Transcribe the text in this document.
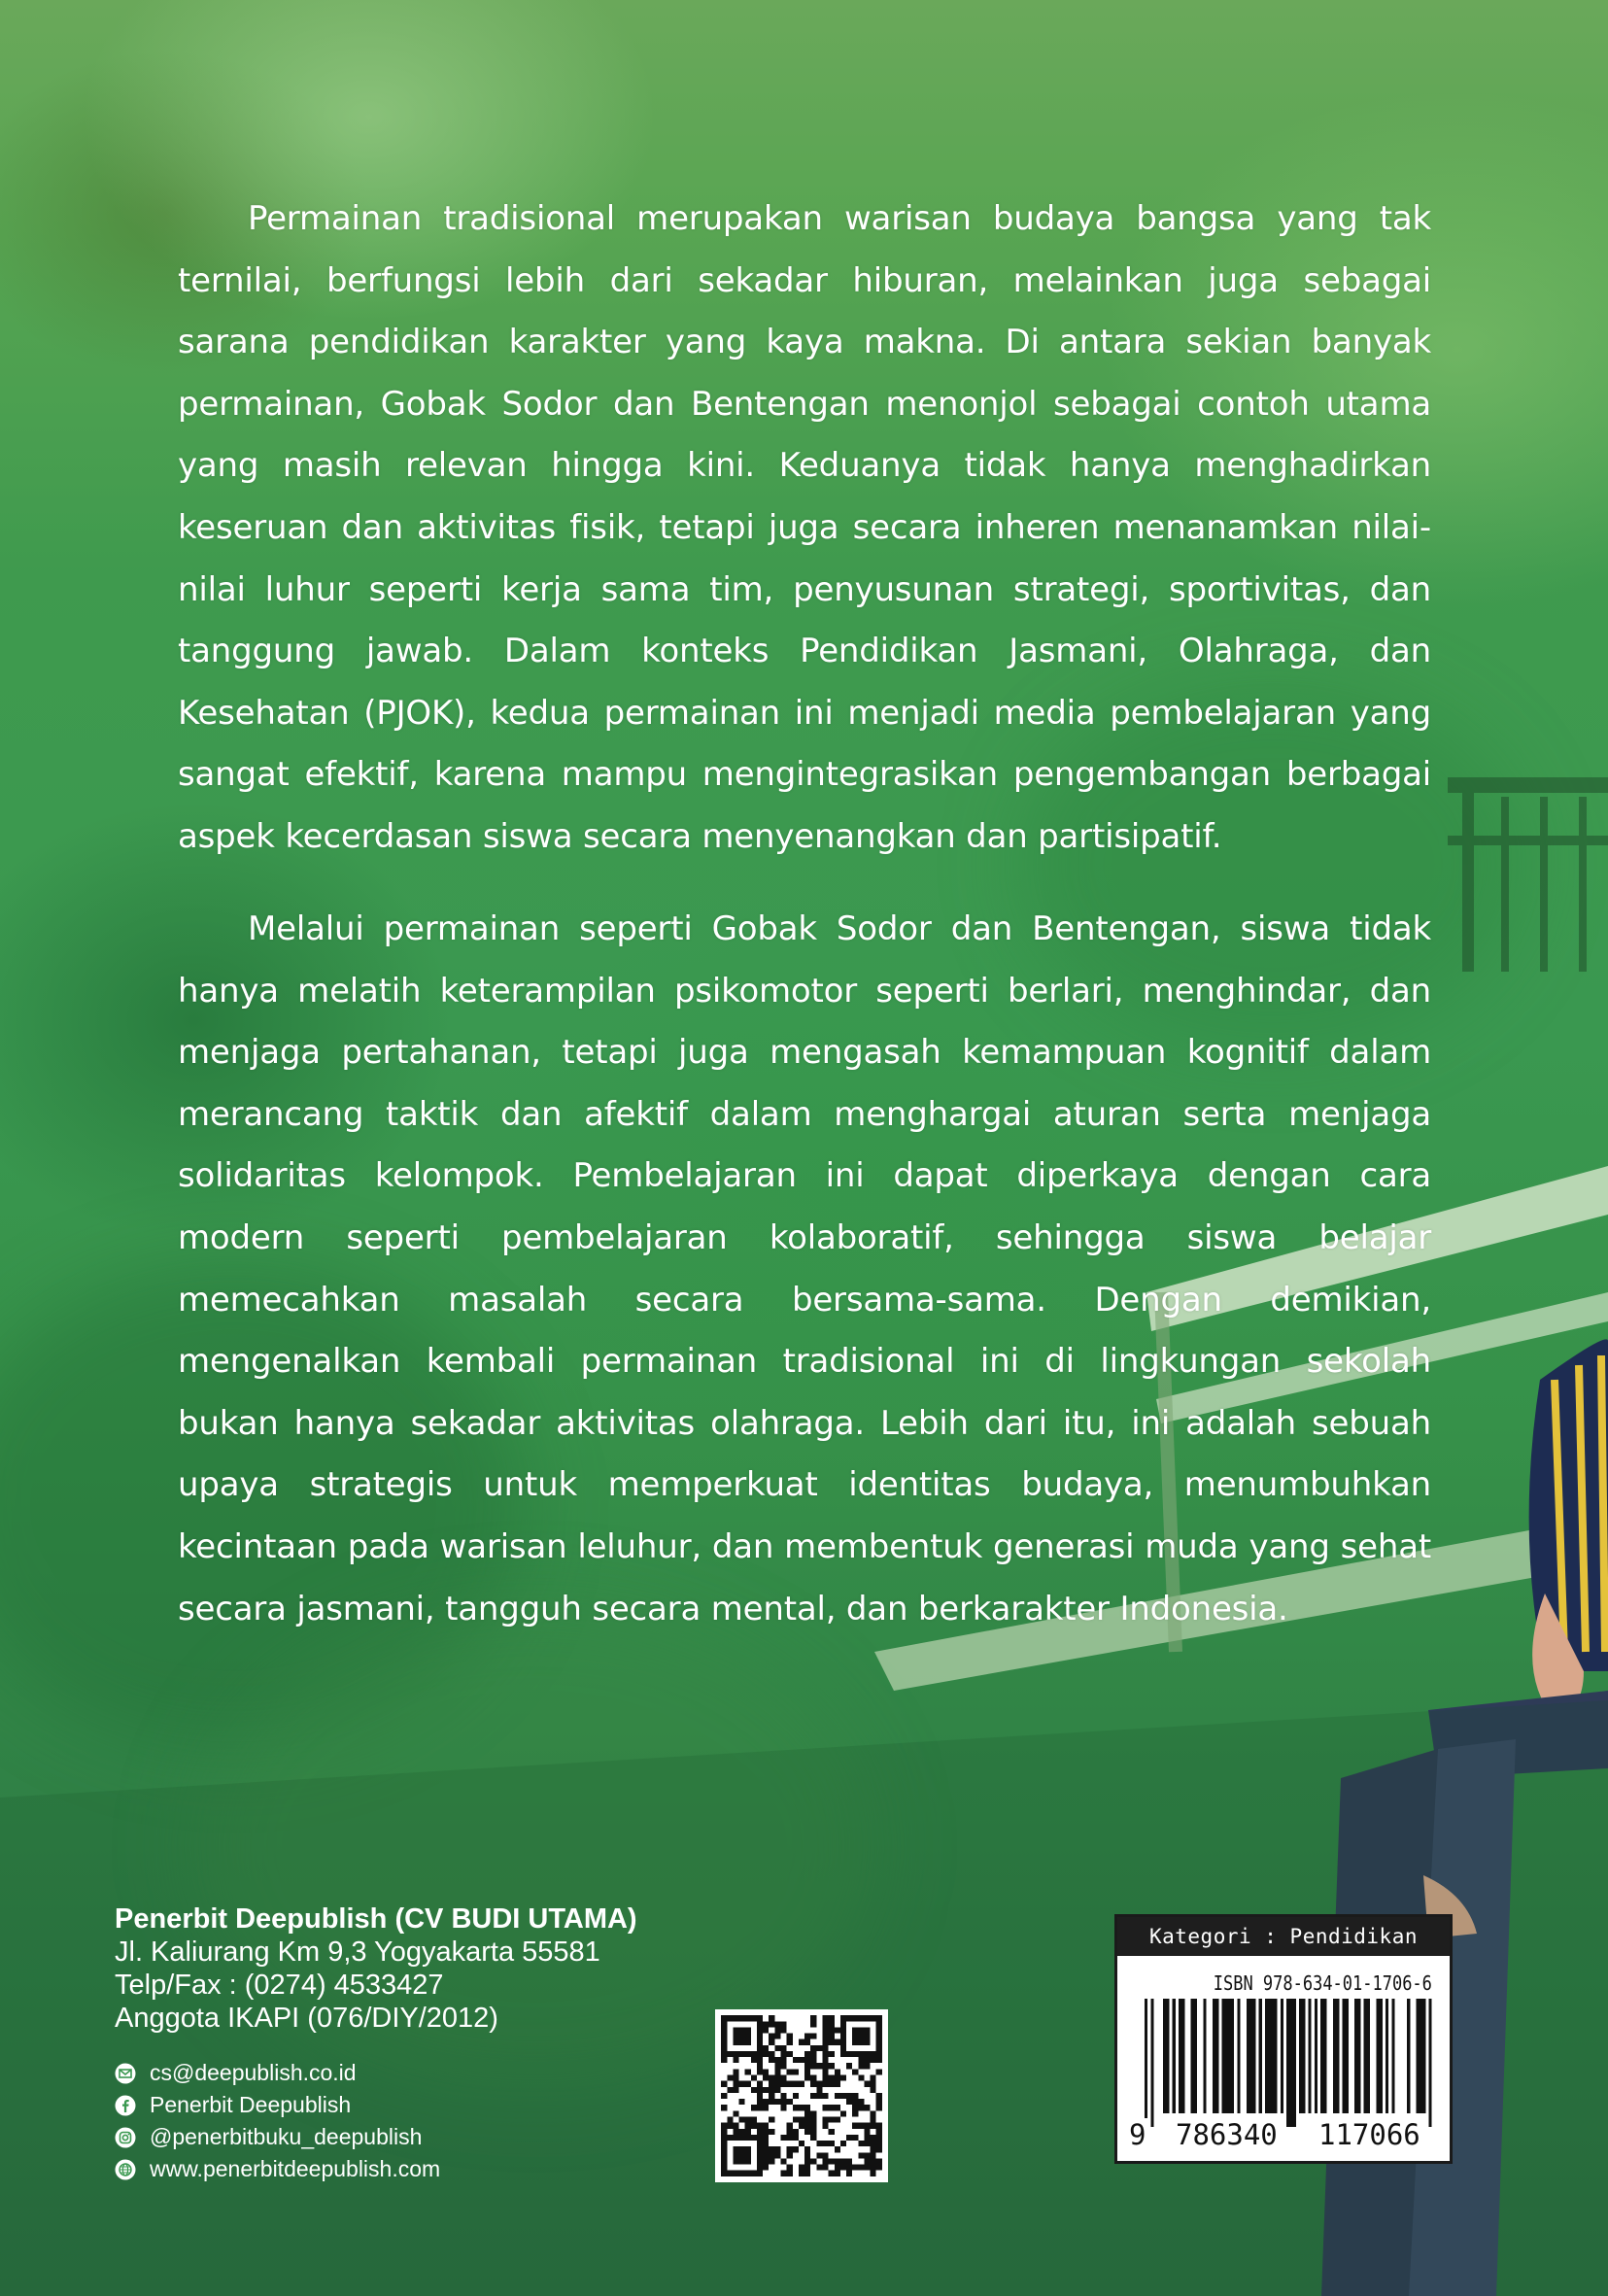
Permainan tradisional merupakan warisan budaya bangsa yang tak ternilai, berfungsi lebih dari sekadar hiburan, melainkan juga sebagai sarana pendidikan karakter yang kaya makna. Di antara sekian banyak permainan, Gobak Sodor dan Bentengan menonjol sebagai contoh utama yang masih relevan hingga kini. Keduanya tidak hanya menghadirkan keseruan dan aktivitas fisik, tetapi juga secara inheren menanamkan nilai-nilai luhur seperti kerja sama tim, penyusunan strategi, sportivitas, dan tanggung jawab. Dalam konteks Pendidikan Jasmani, Olahraga, dan Kesehatan (PJOK), kedua permainan ini menjadi media pembelajaran yang sangat efektif, karena mampu mengintegrasikan pengembangan berbagai aspek kecerdasan siswa secara menyenangkan dan partisipatif.

Melalui permainan seperti Gobak Sodor dan Bentengan, siswa tidak hanya melatih keterampilan psikomotor seperti berlari, menghindar, dan menjaga pertahanan, tetapi juga mengasah kemampuan kognitif dalam merancang taktik dan afektif dalam menghargai aturan serta menjaga solidaritas kelompok. Pembelajaran ini dapat diperkaya dengan cara modern seperti pembelajaran kolaboratif, sehingga siswa belajar memecahkan masalah secara bersama-sama. Dengan demikian, mengenalkan kembali permainan tradisional ini di lingkungan sekolah bukan hanya sekadar aktivitas olahraga. Lebih dari itu, ini adalah sebuah upaya strategis untuk memperkuat identitas budaya, menumbuhkan kecintaan pada warisan leluhur, dan membentuk generasi muda yang sehat secara jasmani, tangguh secara mental, dan berkarakter Indonesia.

Penerbit Deepublish (CV BUDI UTAMA)
Jl. Kaliurang Km 9,3 Yogyakarta 55581
Telp/Fax : (0274) 4533427
Anggota IKAPI (076/DIY/2012)
cs@deepublish.co.id
Penerbit Deepublish
@penerbitbuku_deepublish
www.penerbitdeepublish.com
Kategori : Pendidikan
ISBN 978-634-01-1706-6
9 786340 117066
